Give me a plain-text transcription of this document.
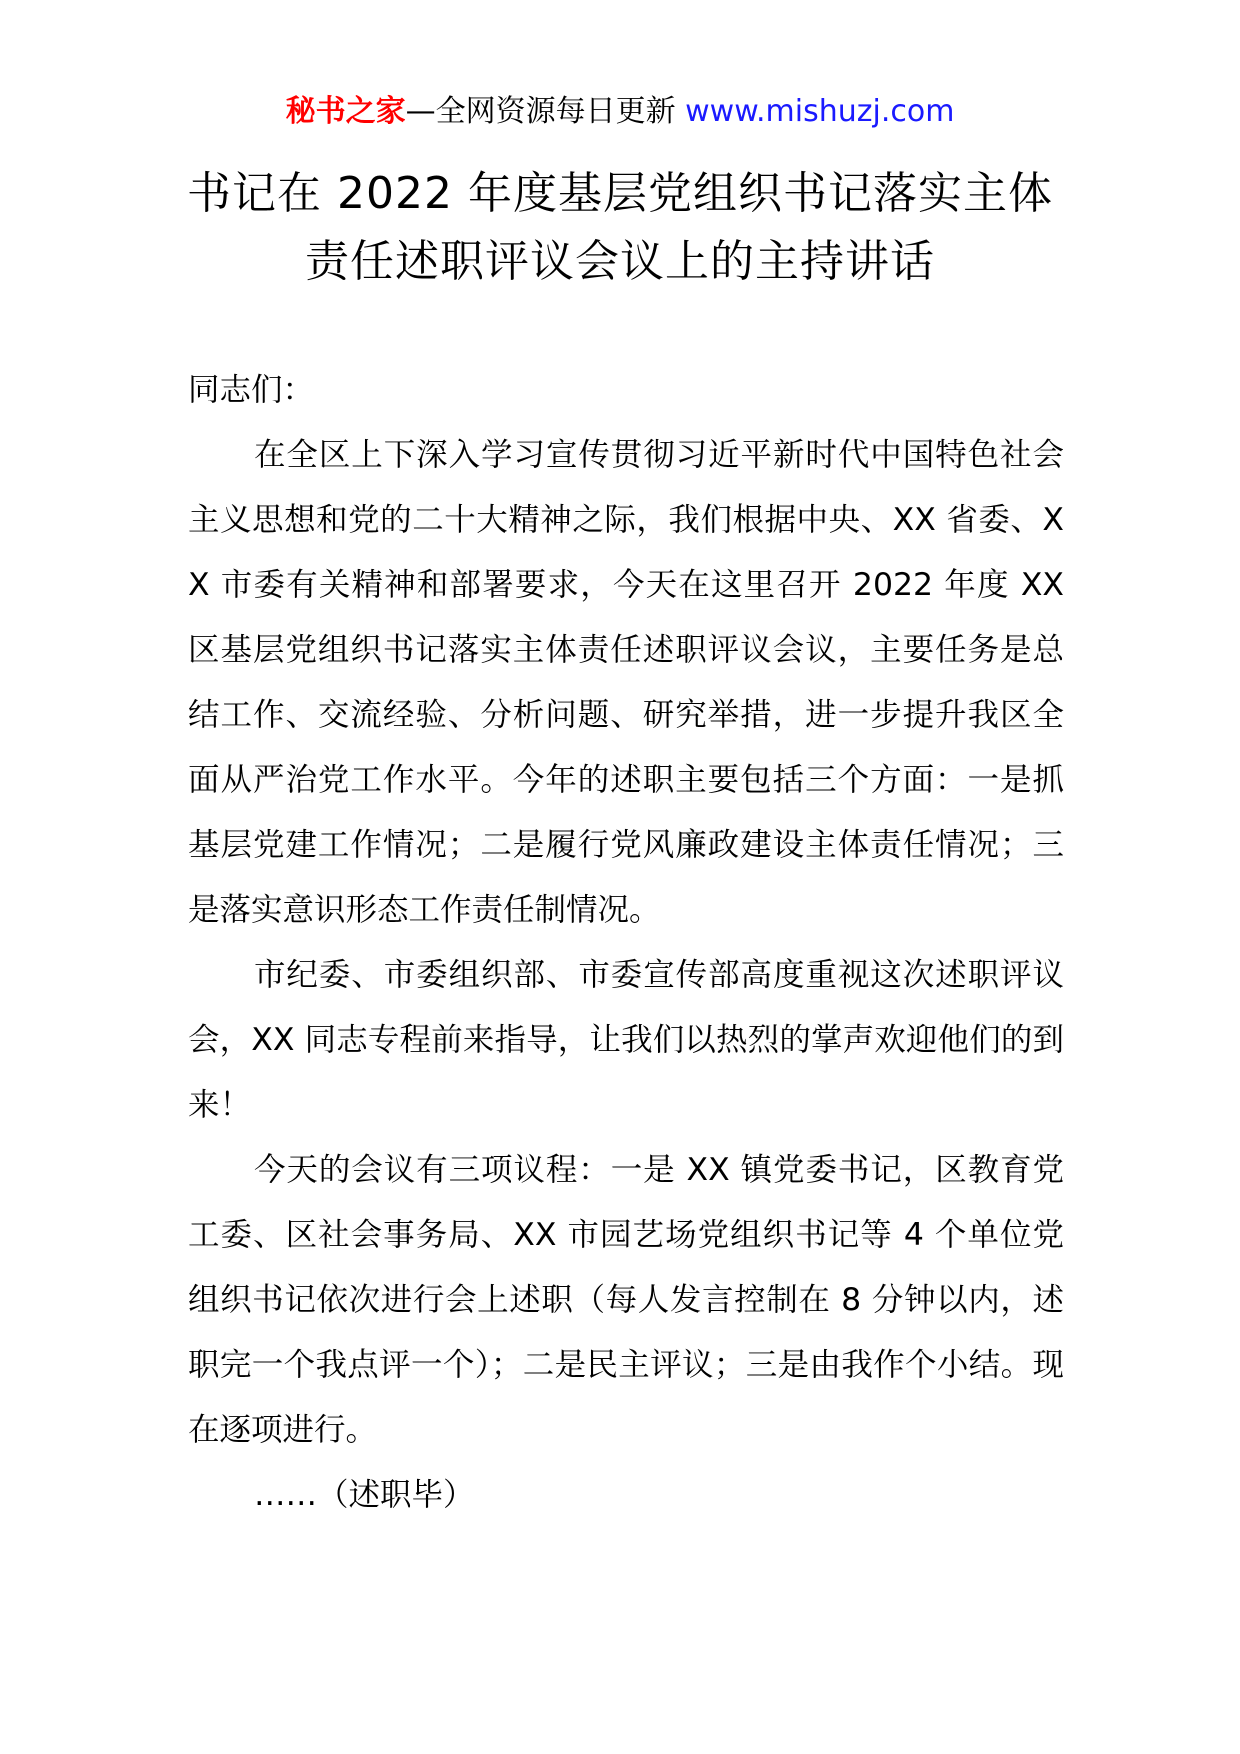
秘书之家—全网资源每日更新 www.mishuzj.com
书记在 2022 年度基层党组织书记落实主体
责任述职评议会议上的主持讲话

同志们：

在全区上下深入学习宣传贯彻习近平新时代中国特色社会主义思想和党的二十大精神之际，我们根据中央、XX 省委、XX 市委有关精神和部署要求，今天在这里召开 2022 年度 XX 区基层党组织书记落实主体责任述职评议会议，主要任务是总结工作、交流经验、分析问题、研究举措，进一步提升我区全面从严治党工作水平。今年的述职主要包括三个方面：一是抓基层党建工作情况；二是履行党风廉政建设主体责任情况；三是落实意识形态工作责任制情况。

市纪委、市委组织部、市委宣传部高度重视这次述职评议会，XX 同志专程前来指导，让我们以热烈的掌声欢迎他们的到来！

今天的会议有三项议程：一是 XX 镇党委书记，区教育党工委、区社会事务局、XX 市园艺场党组织书记等 4 个单位党组织书记依次进行会上述职（每人发言控制在 8 分钟以内，述职完一个我点评一个）；二是民主评议；三是由我作个小结。现在逐项进行。

……（述职毕）
